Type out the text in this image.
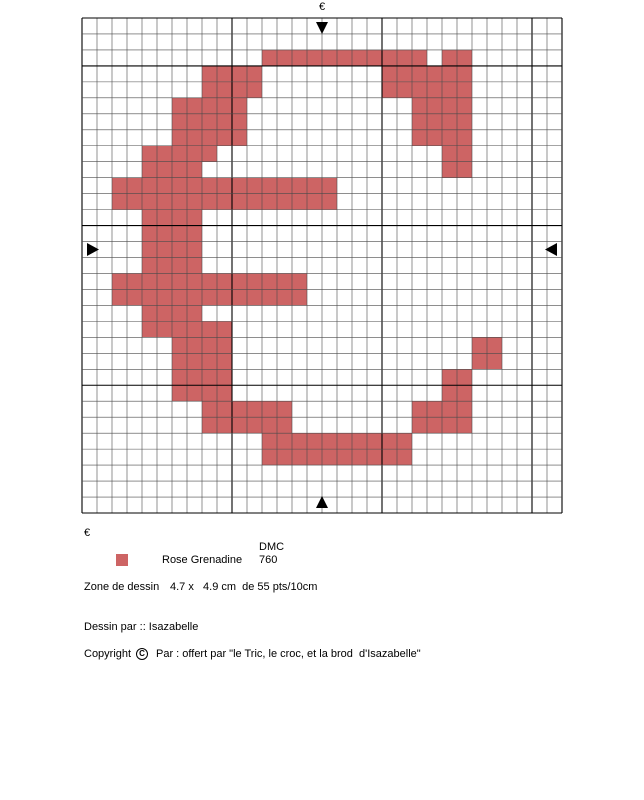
€
€
DMC
Rose Grenadine 760
Zone de dessin 4.7 x   4.9 cm  de 55 pts/10cm
Dessin par :: Isazabelle
Copyright	C Par : offert par "le Tric, le croc, et la brod  d'Isazabelle"
